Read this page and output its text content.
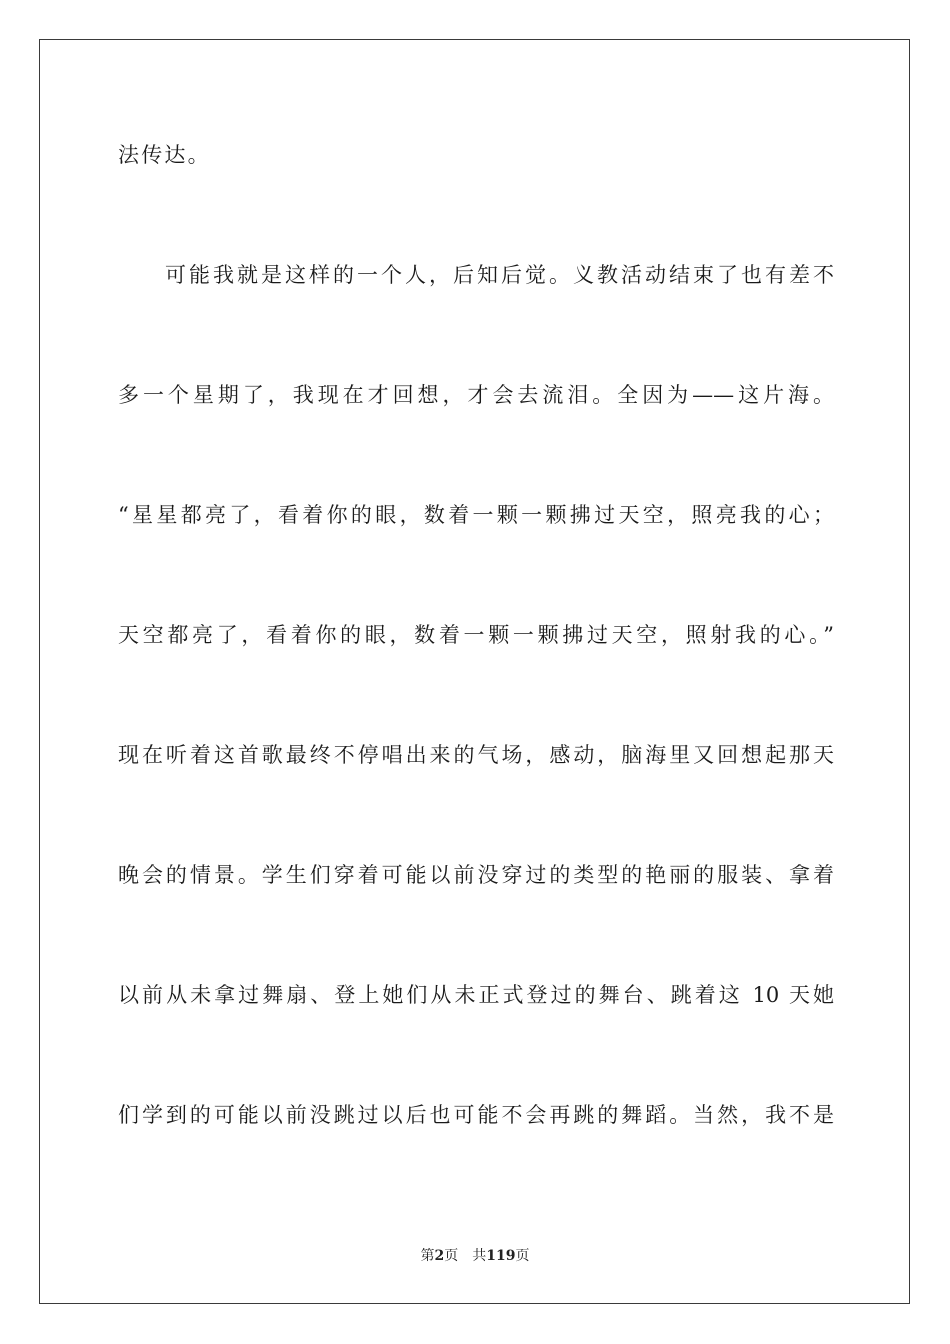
法传达。
可能我就是这样的一个人，后知后觉。义教活动结束了也有差不
多一个星期了，我现在才回想，才会去流泪。全因为——这片海。
“星星都亮了，看着你的眼，数着一颗一颗拂过天空，照亮我的心；
天空都亮了，看着你的眼，数着一颗一颗拂过天空，照射我的心。”
现在听着这首歌最终不停唱出来的气场，感动，脑海里又回想起那天
晚会的情景。学生们穿着可能以前没穿过的类型的艳丽的服装、拿着
以前从未拿过舞扇、登上她们从未正式登过的舞台、跳着这 10 天她
们学到的可能以前没跳过以后也可能不会再跳的舞蹈。当然，我不是
第2页 共119页
